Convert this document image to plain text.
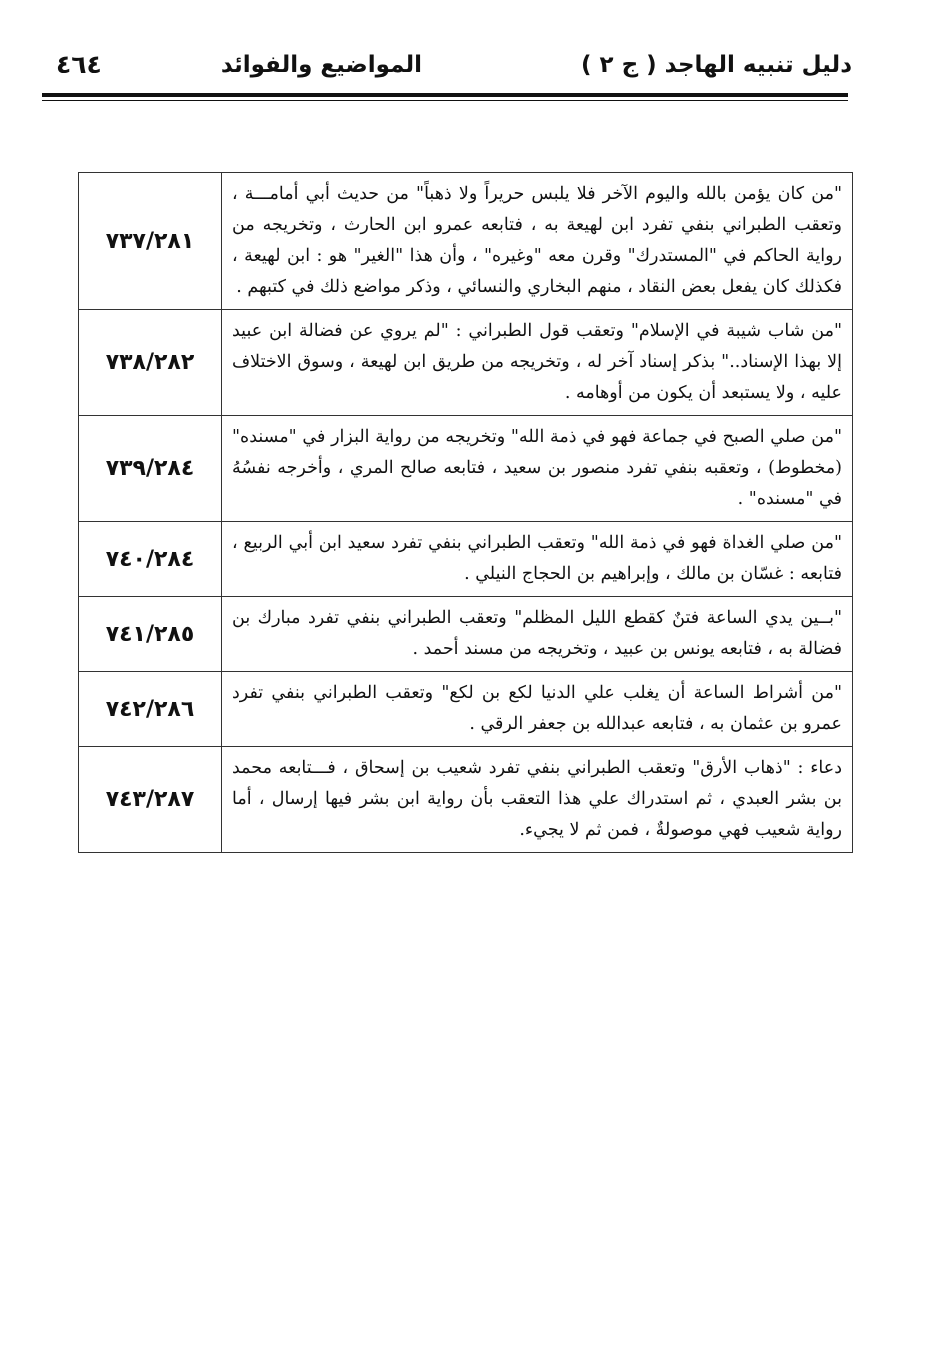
دليل تنبيه الهاجد ( ج ٢ )
المواضيع والفوائد
٤٦٤
"من كان يؤمن بالله واليوم الآخر فلا يلبس حريراً ولا ذهباً" من حديث أبي أمامـــة ، وتعقب الطبراني بنفي تفرد ابن لهيعة به ، فتابعه عمرو ابن الحارث ، وتخريجه من رواية الحاكم في "المستدرك" وقرن معه "وغيره" ، وأن هذا "الغير" هو : ابن لهيعة ، فكذلك كان يفعل بعض النقاد ، منهم البخاري والنسائي ، وذكر مواضع ذلك في كتبهم .	٧٣٧/٢٨١
"من شاب شيبة في الإسلام" وتعقب قول الطبراني : "لم يروي عن فضالة ابن عبيد إلا بهذا الإسناد.." بذكر إسناد آخر له ، وتخريجه من طريق ابن لهيعة ، وسوق الاختلاف عليه ، ولا يستبعد أن يكون من أوهامه .	٧٣٨/٢٨٢
"من صلي الصبح في جماعة فهو في ذمة الله" وتخريجه من رواية البزار في "مسنده" (مخطوط) ، وتعقبه بنفي تفرد منصور بن سعيد ، فتابعه صالح المري ، وأخرجه نفسُهُ في "مسنده" .	٧٣٩/٢٨٤
"من صلي الغداة فهو في ذمة الله" وتعقب الطبراني بنفي تفرد سعيد ابن أبي الربيع ، فتابعه : غسّان بن مالك ، وإبراهيم بن الحجاج النيلي .	٧٤٠/٢٨٤
"بــين يدي الساعة فتنٌ كقطع الليل المظلم" وتعقب الطبراني بنفي تفرد مبارك بن فضالة به ، فتابعه يونس بن عبيد ، وتخريجه من مسند أحمد .	٧٤١/٢٨٥
"من أشراط الساعة أن يغلب علي الدنيا لكع بن لكع" وتعقب الطبراني بنفي تفرد عمرو بن عثمان به ، فتابعه عبدالله بن جعفر الرقي .	٧٤٢/٢٨٦
دعاء : "ذهاب الأرق" وتعقب الطبراني بنفي تفرد شعيب بن إسحاق ، فـــتابعه محمد بن بشر العبدي ، ثم استدراك علي هذا التعقب بأن رواية ابن بشر فيها إرسال ، أما رواية شعيب فهي موصولةٌ ، فمن ثم لا يجيء.	٧٤٣/٢٨٧
